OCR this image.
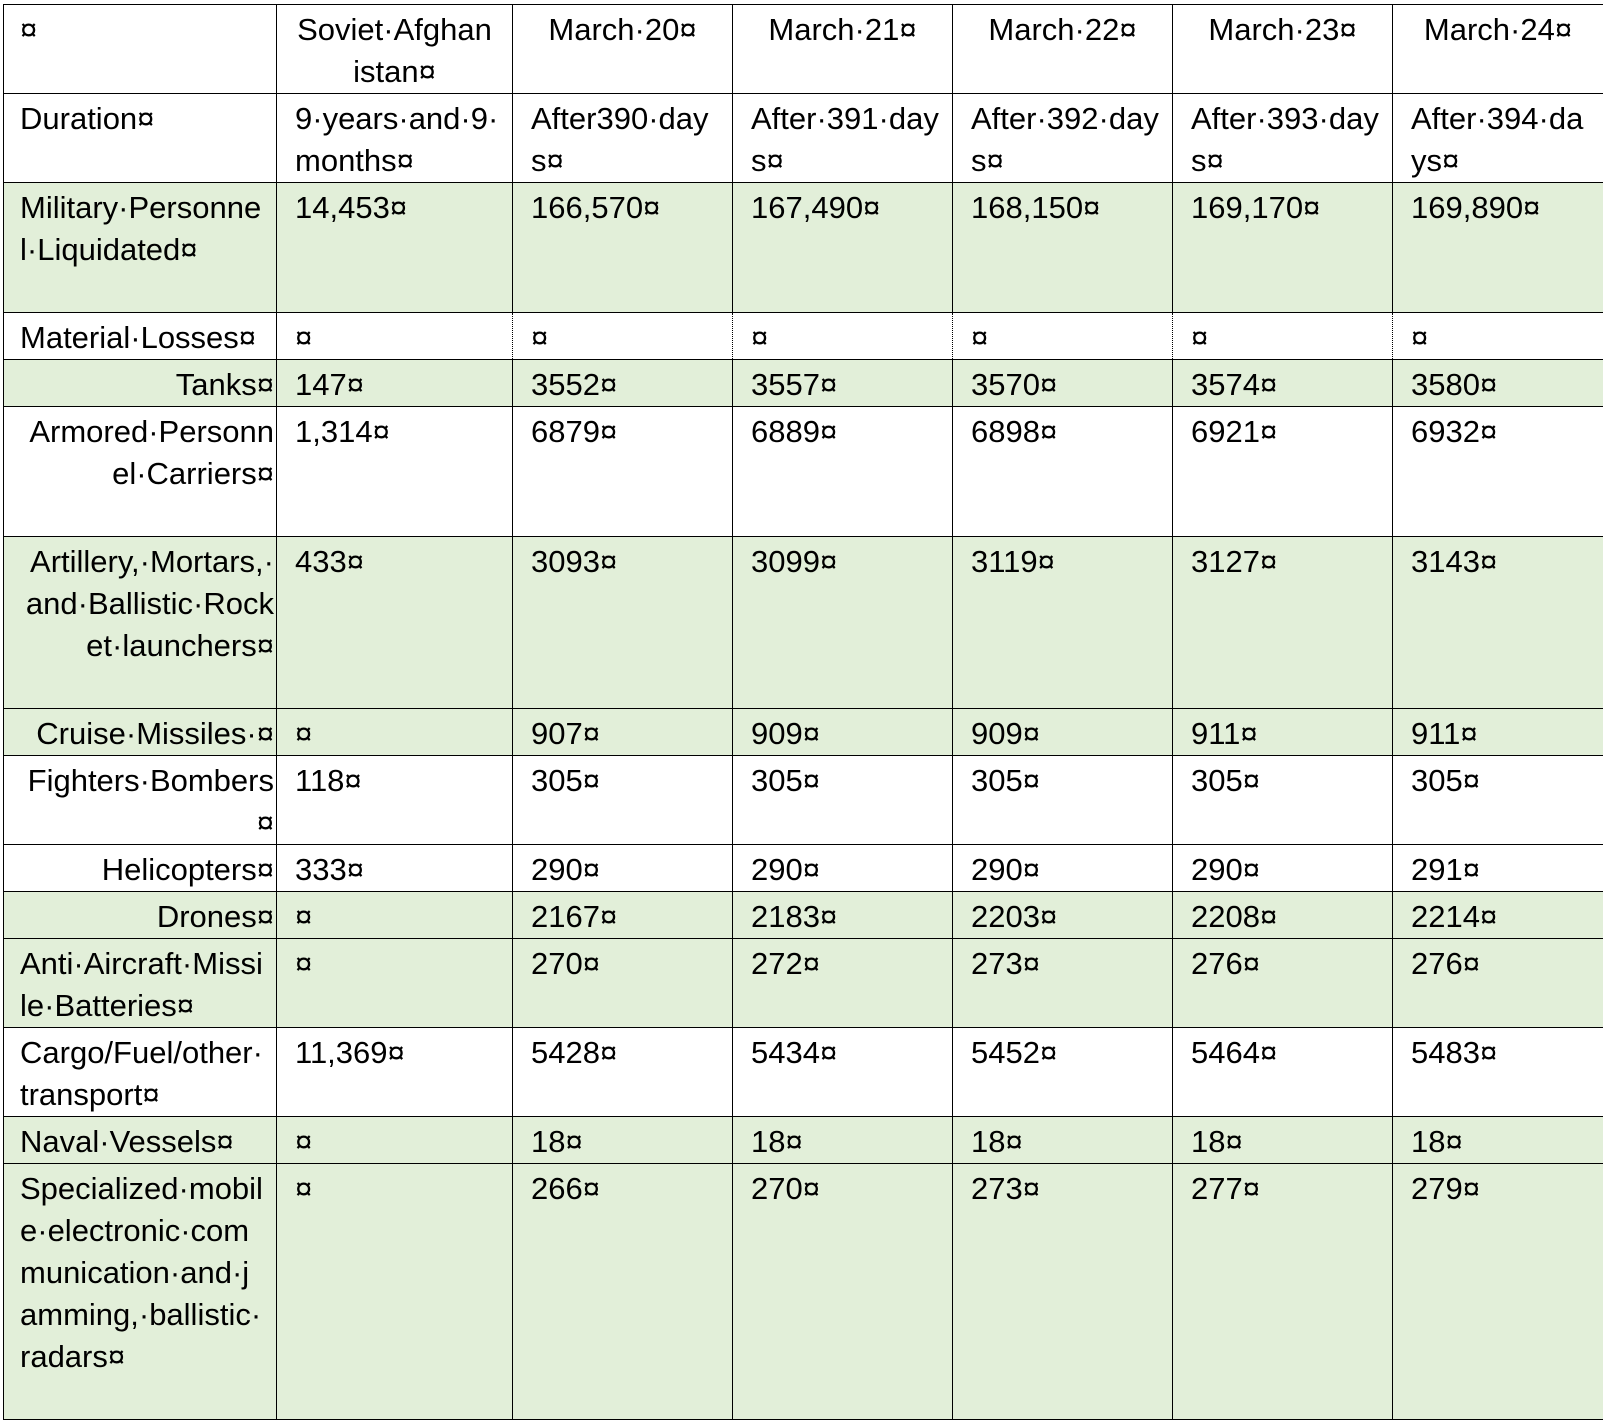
¤	Soviet·Afghanistan¤	March·20¤	March·21¤	March·22¤	March·23¤	March·24¤
Duration¤	9·years·and·9·months¤	After390·days¤	After·391·days¤	After·392·days¤	After·393·days¤	After·394·days¤
Military·Personnel·Liquidated¤	14,453¤	166,570¤	167,490¤	168,150¤	169,170¤	169,890¤
Material·Losses¤	¤	¤	¤	¤	¤	¤
Tanks¤	147¤	3552¤	3557¤	3570¤	3574¤	3580¤
Armored·Personnel·Carriers¤	1,314¤	6879¤	6889¤	6898¤	6921¤	6932¤
Artillery,·Mortars,·and·Ballistic·Rocket·launchers¤	433¤	3093¤	3099¤	3119¤	3127¤	3143¤
Cruise·Missiles·¤	¤	907¤	909¤	909¤	911¤	911¤
Fighters·Bombers¤	118¤	305¤	305¤	305¤	305¤	305¤
Helicopters¤	333¤	290¤	290¤	290¤	290¤	291¤
Drones¤	¤	2167¤	2183¤	2203¤	2208¤	2214¤
Anti·Aircraft·Missile·Batteries¤	¤	270¤	272¤	273¤	276¤	276¤
Cargo/Fuel/other·transport¤	11,369¤	5428¤	5434¤	5452¤	5464¤	5483¤
Naval·Vessels¤	¤	18¤	18¤	18¤	18¤	18¤
Specialized·mobile·electronic·communication·and·jamming,·ballistic·radars¤	¤	266¤	270¤	273¤	277¤	279¤
